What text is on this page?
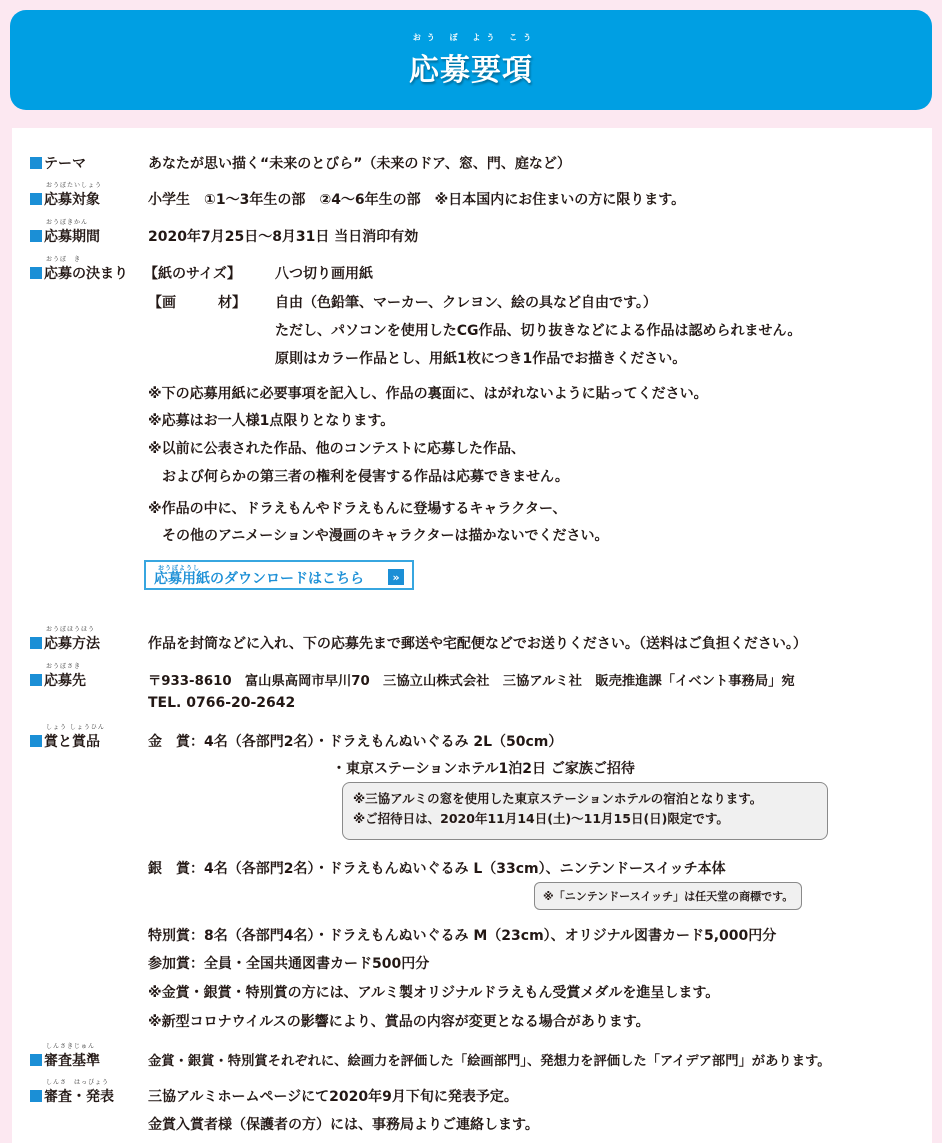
おう ぼ よう こう
応募要項
テーマ	あなたが思い描く“未来のとびら”（未来のドア、窓、門、庭など）
おうぼたいしょう
応募対象	小学生　①1～3年生の部　②4～6年生の部　※日本国内にお住まいの方に限ります。
おうぼきかん
応募期間	2020年7月25日～8月31日 当日消印有効
おうぼ　き
応募の決まり 【紙のサイズ】 八つ切り画用紙
【画　　　材】 自由（色鉛筆、マーカー、クレヨン、絵の具など自由です。）
ただし、パソコンを使用したCG作品、切り抜きなどによる作品は認められません。
原則はカラー作品とし、用紙1枚につき1作品でお描きください。
※下の応募用紙に必要事項を記入し、作品の裏面に、はがれないように貼ってください。
※応募はお一人様1点限りとなります。
※以前に公表された作品、他のコンテストに応募した作品、
　および何らかの第三者の権利を侵害する作品は応募できません。
※作品の中に、ドラえもんやドラえもんに登場するキャラクター、
　その他のアニメーションや漫画のキャラクターは描かないでください。
おうぼようし
応募用紙のダウンロードはこちら	»
おうぼほうほう
応募方法	作品を封筒などに入れ、下の応募先まで郵送や宅配便などでお送りください。（送料はご負担ください。）
おうぼさき
応募先	〒933-8610　富山県高岡市早川70　三協立山株式会社　三協アルミ社　販売推進課「イベント事務局」宛
TEL. 0766-20-2642
しょう しょうひん
賞と賞品	金　賞：4名（各部門2名）・ドラえもんぬいぐるみ 2L（50cm）
・東京ステーションホテル1泊2日 ご家族ご招待
※三協アルミの窓を使用した東京ステーションホテルの宿泊となります。
※ご招待日は、2020年11月14日(土)～11月15日(日)限定です。
銀　賞：4名（各部門2名）・ドラえもんぬいぐるみ L（33cm）、ニンテンドースイッチ本体
※「ニンテンドースイッチ」は任天堂の商標です。
特別賞：8名（各部門4名）・ドラえもんぬいぐるみ M（23cm）、オリジナル図書カード5,000円分
参加賞：全員・全国共通図書カード500円分
※金賞・銀賞・特別賞の方には、アルミ製オリジナルドラえもん受賞メダルを進呈します。
※新型コロナウイルスの影響により、賞品の内容が変更となる場合があります。
しんさきじゅん
審査基準	金賞・銀賞・特別賞それぞれに、絵画力を評価した「絵画部門」、発想力を評価した「アイデア部門」があります。
しんさ　はっぴょう
審査・発表 三協アルミホームページにて2020年9月下旬に発表予定。
金賞入賞者様（保護者の方）には、事務局よりご連絡します。
